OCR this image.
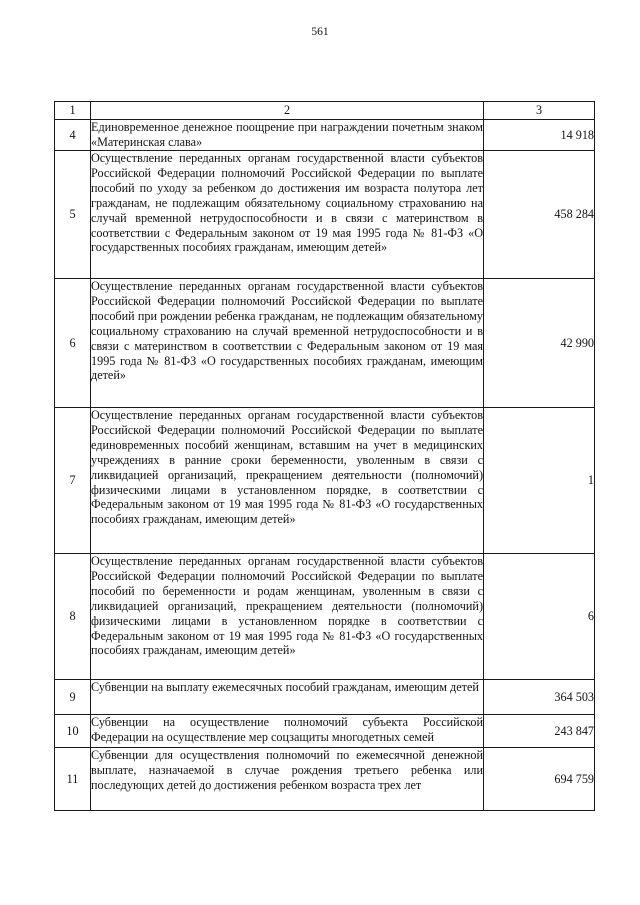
561
1	2	3
4	Единовременное денежное поощрение при награждении почетным знаком «Материнская слава»	14 918
5	Осуществление переданных органам государственной власти субъектов Российской Федерации полномочий Российской Федерации по выплате пособий по уходу за ребенком до достижения им возраста полутора лет гражданам, не подлежащим обязательному социальному страхованию на случай временной нетрудоспособности и в связи с материнством в соответствии с Федеральным законом от 19 мая 1995 года № 81-ФЗ «О государственных пособиях гражданам, имеющим детей»	458 284
6	Осуществление переданных органам государственной власти субъектов Российской Федерации полномочий Российской Федерации по выплате пособий при рождении ребенка гражданам, не подлежащим обязательному социальному страхованию на случай временной нетрудоспособности и в связи с материнством в соответствии с Федеральным законом от 19 мая 1995 года № 81-ФЗ «О государственных пособиях гражданам, имеющим детей»	42 990
7	Осуществление переданных органам государственной власти субъектов Российской Федерации полномочий Российской Федерации по выплате единовременных пособий женщинам, вставшим на учет в медицинских учреждениях в ранние сроки беременности, уволенным в связи с ликвидацией организаций, прекращением деятельности (полномочий) физическими лицами в установленном порядке, в соответствии с Федеральным законом от 19 мая 1995 года № 81-ФЗ «О государственных пособиях гражданам, имеющим детей»	1
8	Осуществление переданных органам государственной власти субъектов Российской Федерации полномочий Российской Федерации по выплате пособий по беременности и родам женщинам, уволенным в связи с ликвидацией организаций, прекращением деятельности (полномочий) физическими лицами в установленном порядке в соответствии с Федеральным законом от 19 мая 1995 года № 81-ФЗ «О государственных пособиях гражданам, имеющим детей»	6
9	Субвенции на выплату ежемесячных пособий гражданам, имеющим детей	364 503
10	Субвенции на осуществление полномочий субъекта Российской Федерации на осуществление мер соцзащиты многодетных семей	243 847
11	Субвенции для осуществления полномочий по ежемесячной денежной выплате, назначаемой в случае рождения третьего ребенка или последующих детей до достижения ребенком возраста трех лет	694 759
